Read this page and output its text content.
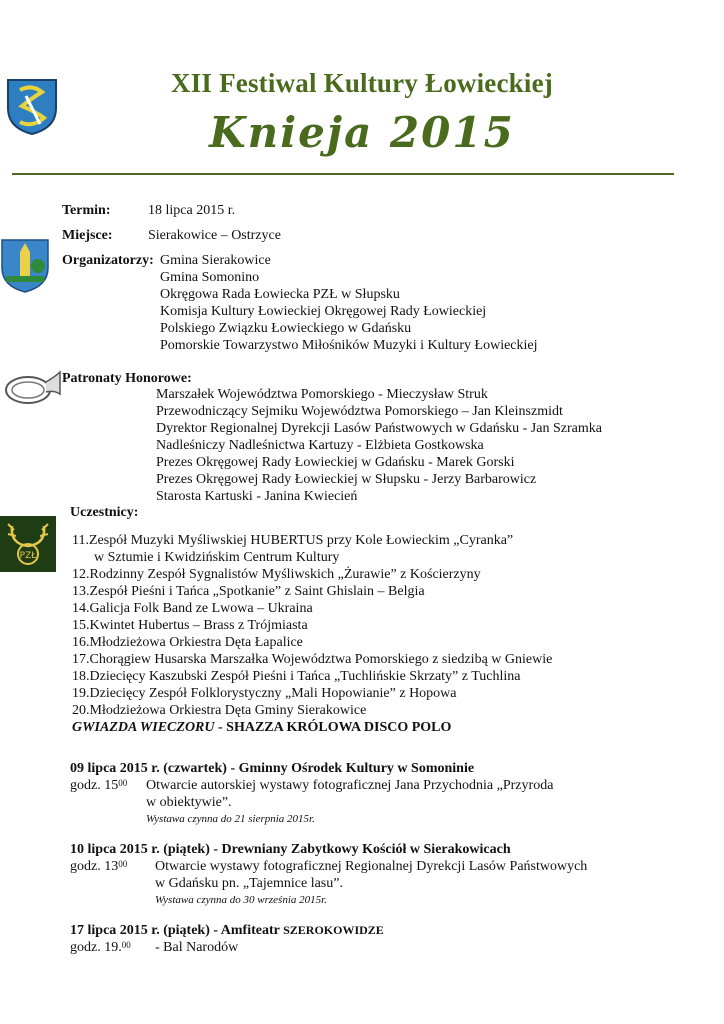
PZŁ
XII Festiwal Kultury Łowieckiej
Knieja 2015
Termin:	18 lipca 2015 r.
Miejsce:	Sierakowice – Ostrzyce
Organizatorzy: Gmina Sierakowice
Gmina Somonino
Okręgowa Rada Łowiecka PZŁ w Słupsku
Komisja Kultury Łowieckiej Okręgowej Rady Łowieckiej
Polskiego Związku Łowieckiego w Gdańsku
Pomorskie Towarzystwo Miłośników Muzyki i Kultury Łowieckiej
Patronaty Honorowe:
Marszałek Województwa Pomorskiego - Mieczysław Struk
Przewodniczący Sejmiku Województwa Pomorskiego – Jan Kleinszmidt
Dyrektor Regionalnej Dyrekcji Lasów Państwowych w Gdańsku - Jan Szramka
Nadleśniczy Nadleśnictwa Kartuzy - Elżbieta Gostkowska
Prezes Okręgowej Rady Łowieckiej w Gdańsku - Marek Gorski
Prezes Okręgowej Rady Łowieckiej w Słupsku - Jerzy Barbarowicz
Starosta Kartuski - Janina Kwiecień
Uczestnicy:
11.Zespół Muzyki Myśliwskiej HUBERTUS przy Kole Łowieckim „Cyranka”
w Sztumie i Kwidzińskim Centrum Kultury
12.Rodzinny Zespół Sygnalistów Myśliwskich „Żurawie” z Kościerzyny
13.Zespół Pieśni i Tańca „Spotkanie” z Saint Ghislain – Belgia
14.Galicja Folk Band ze Lwowa – Ukraina
15.Kwintet Hubertus – Brass z Trójmiasta
16.Młodzieżowa Orkiestra Dęta Łapalice
17.Chorągiew Husarska Marszałka Województwa Pomorskiego z siedzibą w Gniewie
18.Dziecięcy Kaszubski Zespół Pieśni i Tańca „Tuchlińskie Skrzaty” z Tuchlina
19.Dziecięcy Zespół Folklorystyczny „Mali Hopowianie” z Hopowa
20.Młodzieżowa Orkiestra Dęta Gminy Sierakowice
GWIAZDA WIECZORU - SHAZZA KRÓLOWA DISCO POLO
09 lipca 2015 r. (czwartek) - Gminny Ośrodek Kultury w Somoninie
godz. $15^{00}$ Otwarcie autorskiej wystawy fotograficznej Jana Przychodnia „Przyroda
w obiektywie”.
Wystawa czynna do 21 sierpnia 2015r.
10 lipca 2015 r. (piątek) - Drewniany Zabytkowy Kościół w Sierakowicach
godz. $13^{00}$ Otwarcie wystawy fotograficznej Regionalnej Dyrekcji Lasów Państwowych
w Gdańsku pn. „Tajemnice lasu”.
Wystawa czynna do 30 września 2015r.
17 lipca 2015 r. (piątek) - Amfiteatr SZEROKOWIDZE
godz. 19.00 - Bal Narodów
